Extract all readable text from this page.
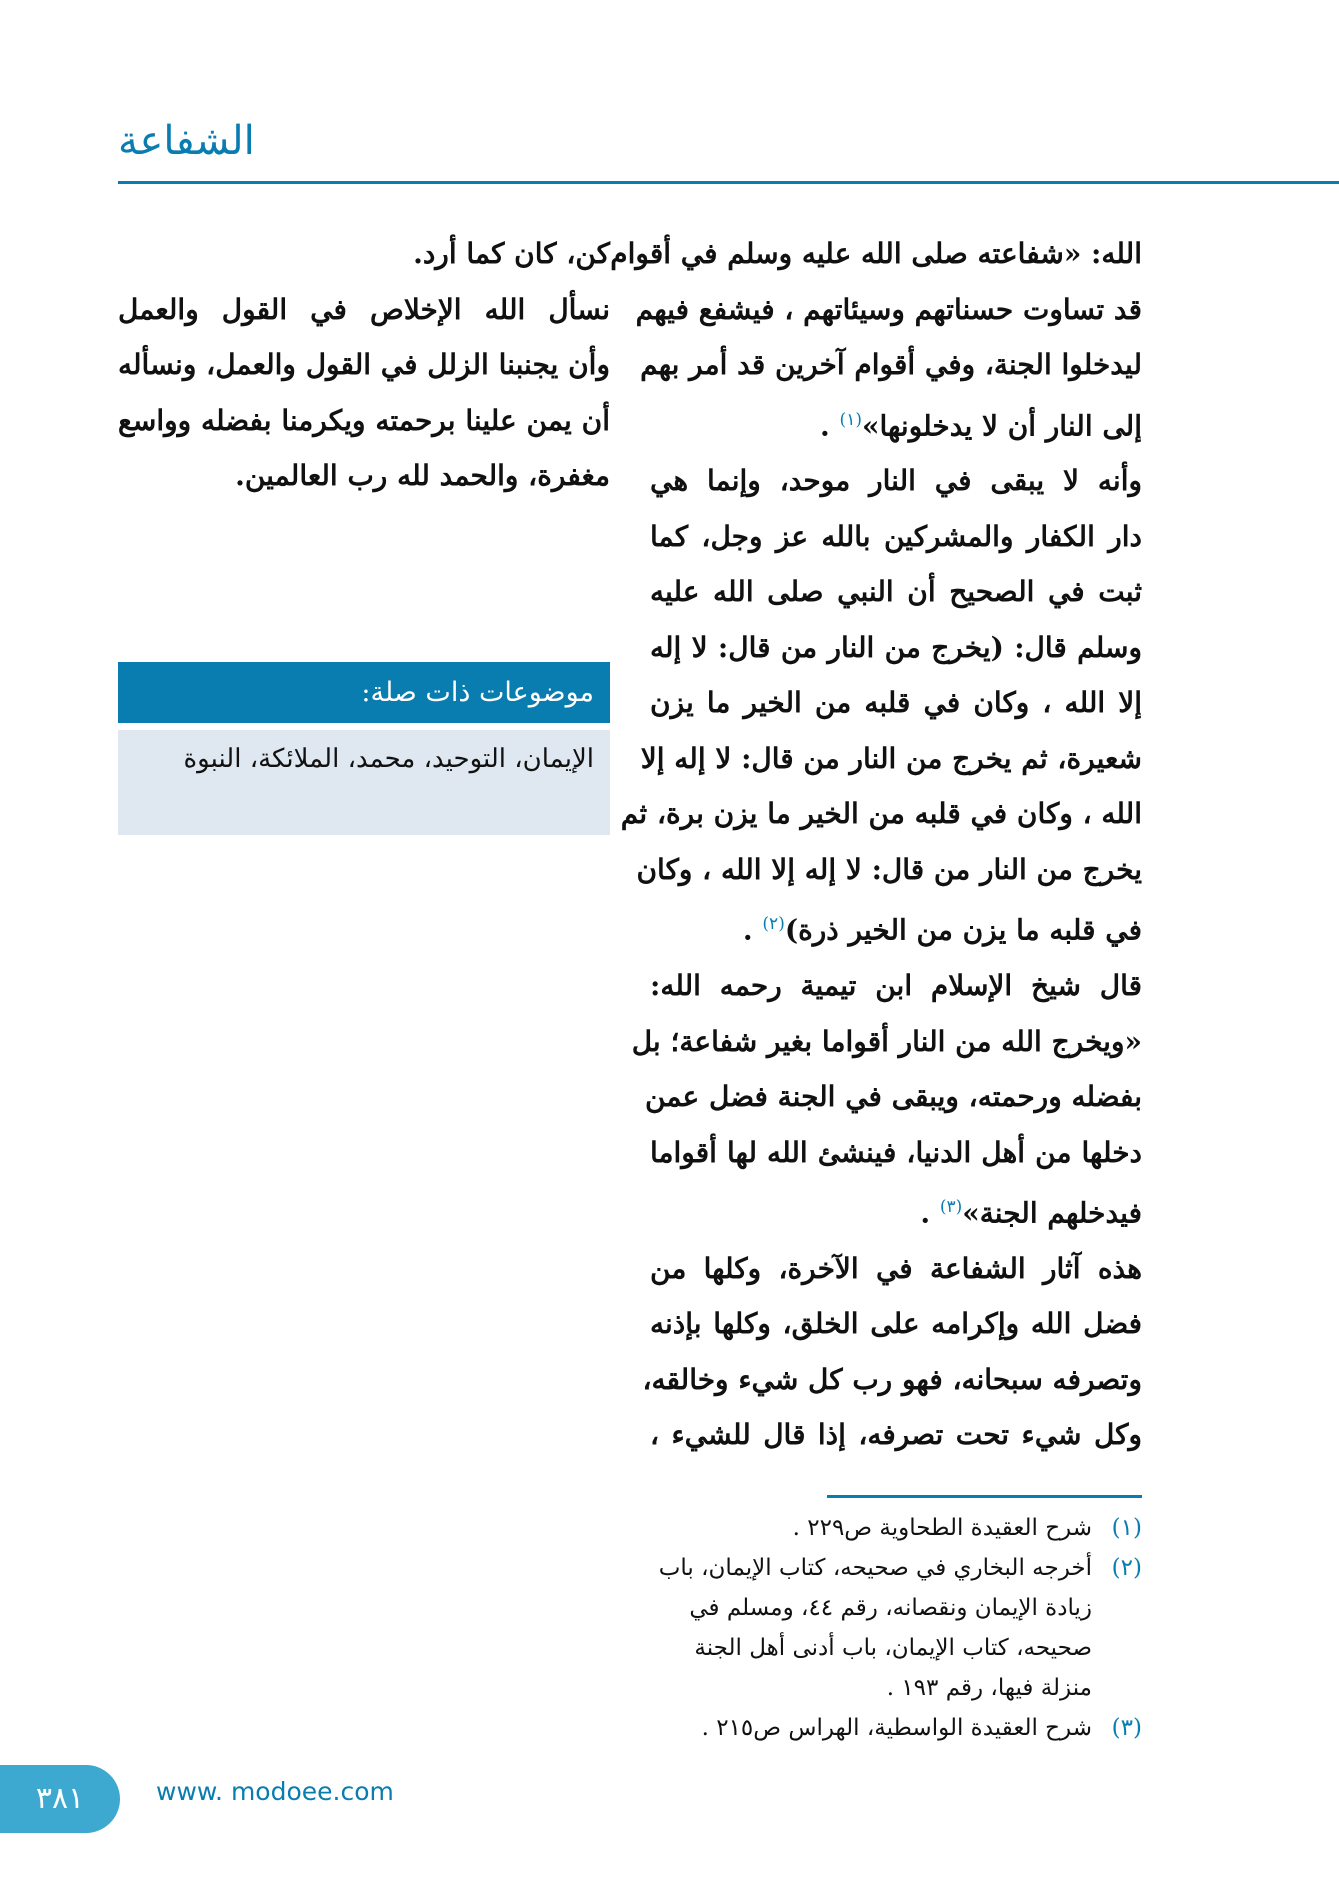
الشفاعة
الله: «شفاعته صلى الله عليه وسلم في أقوام
قد تساوت حسناتهم وسيئاتهم ، فيشفع فيهم
ليدخلوا الجنة، وفي أقوام آخرين قد أمر بهم
إلى النار أن لا يدخلونها»$^{(١)}$ .
وأنه لا يبقى في النار موحد، وإنما هي
دار الكفار والمشركين بالله عز وجل، كما
ثبت في الصحيح أن النبي صلى الله عليه
وسلم قال: (يخرج من النار من قال: لا إله
إلا الله ، وكان في قلبه من الخير ما يزن
شعيرة، ثم يخرج من النار من قال: لا إله إلا
الله ، وكان في قلبه من الخير ما يزن برة، ثم
يخرج من النار من قال: لا إله إلا الله ، وكان
في قلبه ما يزن من الخير ذرة)$^{(٢)}$ .
قال شيخ الإسلام ابن تيمية رحمه الله:
«ويخرج الله من النار أقواما بغير شفاعة؛ بل
بفضله ورحمته، ويبقى في الجنة فضل عمن
دخلها من أهل الدنيا، فينشئ الله لها أقواما
فيدخلهم الجنة»$^{(٣)}$ .
هذه آثار الشفاعة في الآخرة، وكلها من
فضل الله وإكرامه على الخلق، وكلها بإذنه
وتصرفه سبحانه، فهو رب كل شيء وخالقه،
وكل شيء تحت تصرفه، إذا قال للشيء ،
كن، كان كما أرد.
نسأل الله الإخلاص في القول والعمل
وأن يجنبنا الزلل في القول والعمل، ونسأله
أن يمن علينا برحمته ويكرمنا بفضله وواسع
مغفرة، والحمد لله رب العالمين.
موضوعات ذات صلة:
الإيمان، التوحيد، محمد، الملائكة، النبوة
(١)
شرح العقيدة الطحاوية ص٢٢٩ .
(٢)
أخرجه البخاري في صحيحه، كتاب الإيمان، باب زيادة الإيمان ونقصانه، رقم ٤٤، ومسلم في صحيحه، كتاب الإيمان، باب أدنى أهل الجنة منزلة فيها، رقم ١٩٣ .
(٣)
شرح العقيدة الواسطية، الهراس ص٢١٥ .
٣٨١	www. modoee.com
